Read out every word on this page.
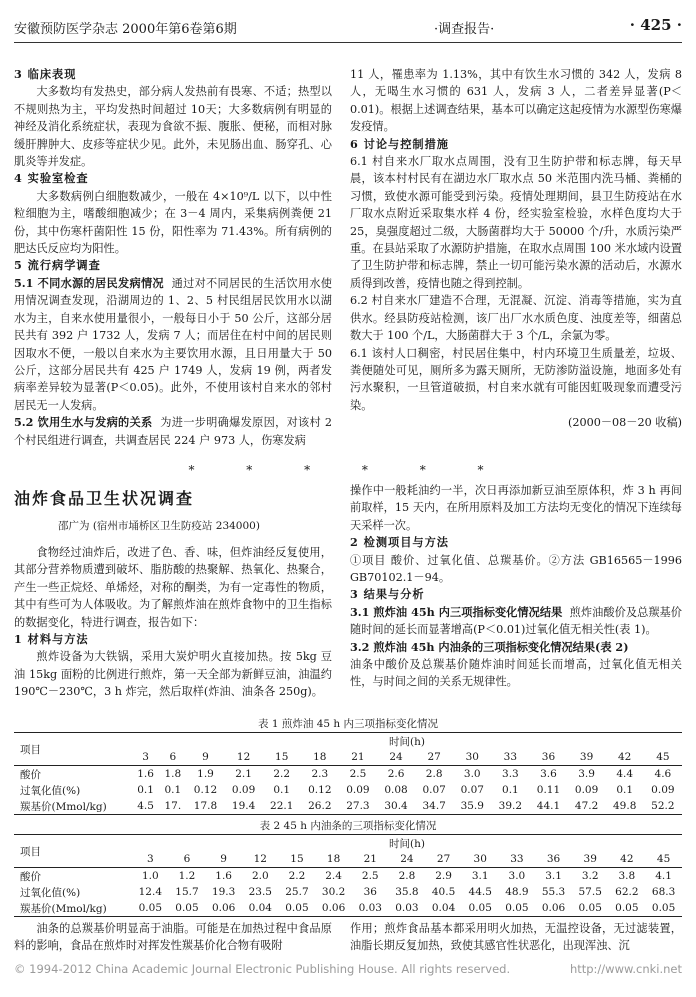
安徽预防医学杂志 2000年第6卷第6期	·调查报告·	· 425 ·

3 临床表现

大多数均有发热史，部分病人发热前有畏寒、不适；热型以不规则热为主，平均发热时间超过 10天；大多数病例有明显的神经及消化系统症状，表现为食欲不振、腹胀、便秘，而相对脉缓肝脾肿大、皮疹等症状少见。此外，未见肠出血、肠穿孔、心肌炎等并发症。

4 实验室检查

大多数病例白细胞数减少，一般在 4×10⁹/L 以下，以中性粒细胞为主，嗜酸细胞减少；在 3－4 周内，采集病例粪便 21 份，其中伤寒杆菌阳性 15 份，阳性率为 71.43%。所有病例的肥达氏反应均为阳性。

5 流行病学调查

5.1 不同水源的居民发病情况 通过对不同居民的生活饮用水使用情况调查发现，沿湖周边的 1、2、5 村民组居民饮用水以湖水为主，自来水使用量很小，一般每日小于 50 公斤，这部分居民共有 392 户 1732 人，发病 7 人；而居住在村中间的居民则因取水不便，一般以自来水为主要饮用水源，且日用量大于 50 公斤，这部分居民共有 425 户 1749 人，发病 19 例，两者发病率差异较为显著(P＜0.05)。此外，不使用该村自来水的邻村居民无一人发病。

5.2 饮用生水与发病的关系 为进一步明确爆发原因，对该村 2 个村民组进行调查，共调查居民 224 户 973 人，伤寒发病

11 人，罹患率为 1.13%，其中有饮生水习惯的 342 人，发病 8 人，无喝生水习惯的 631 人，发病 3 人，二者差异显著(P＜0.01)。根据上述调查结果，基本可以确定这起疫情为水源型伤寒爆发疫情。

6 讨论与控制措施

6.1 村自来水厂取水点周围，没有卫生防护带和标志牌，每天早晨，该本村村民有在湖边水厂取水点 50 米范围内洗马桶、粪桶的习惯，致使水源可能受到污染。疫情处理期间，县卫生防疫站在水厂取水点附近采取集水样 4 份，经实验室检验，水样色度均大于 25，臭强度超过二级，大肠菌群均大于 50000 个/升，水质污染严重。在县站采取了水源防护措施，在取水点周围 100 米水域内设置了卫生防护带和标志牌，禁止一切可能污染水源的活动后，水源水质得到改善，疫情也随之得到控制。

6.2 村自来水厂建造不合理，无混凝、沉淀、消毒等措施，实为直供水。经县防疫站检测，该厂出厂水水质色度、浊度差等，细菌总数大于 100 个/L，大肠菌群大于 3 个/L，余氯为零。

6.1 该村人口稠密，村民居住集中，村内环境卫生质量差，垃圾、粪便随处可见，厕所多为露天厕所，无防渗防溢设施，地面多处有污水聚积，一旦管道破损，村自来水就有可能因虹吸现象而遭受污染。

(2000－08－20 收稿)

* * * * * *
油炸食品卫生状况调查
邵广为 (宿州市埇桥区卫生防疫站 234000)

食物经过油炸后，改进了色、香、味，但炸油经反复使用，其部分营养物质遭到破坏、脂肪酸的热聚解、热氧化、热聚合，产生一些正烷烃、单烯烃，对称的酮类，为有一定毒性的物质，其中有些可为人体吸收。为了解煎炸油在煎炸食物中的卫生指标的数据变化，特进行调查，报告如下：

1 材料与方法

煎炸设备为大铁锅，采用大炭炉明火直接加热。按 5kg 豆油 15kg 面粉的比例进行煎炸，第一天全部为新鲜豆油，油温约 190℃－230℃，3 h 炸完，然后取样(炸油、油条各 250g)。

操作中一般耗油约一半，次日再添加新豆油至原体积，炸 3 h 再间前取样，15 天内，在所用原料及加工方法均无变化的情况下连续每天采样一次。

2 检测项目与方法

①项目 酸价、过氧化值、总羰基价。②方法 GB16565－1996 GB70102.1－94。

3 结果与分析

3.1 煎炸油 45h 内三项指标变化情况结果 煎炸油酸价及总羰基价随时间的延长而显著增高(P＜0.01)过氧化值无相关性(表 1)。

3.2 煎炸油 45h 内油条的三项指标变化情况结果(表 2)

油条中酸价及总羰基价随炸油时间延长而增高，过氧化值无相关性，与时间之间的关系无规律性。

表 1 煎炸油 45 h 内三项指标变化情况
项目	时间(h)														
	3	6	9	12	15	18	21	24	27	30	33	36	39	42	45
酸价	1.6	1.8	1.9	2.1	2.2	2.3	2.5	2.6	2.8	3.0	3.3	3.6	3.9	4.4	4.6
过氧化值(%)	0.1	0.1	0.12	0.09	0.1	0.12	0.09	0.08	0.07	0.07	0.1	0.11	0.09	0.1	0.09
羰基价(Mmol/kg)	4.5	17.	17.8	19.4	22.1	26.2	27.3	30.4	34.7	35.9	39.2	44.1	47.2	49.8	52.2
表 2 45 h 内油条的三项指标变化情况
项目	时间(h)														
	3	6	9	12	15	18	21	24	27	30	33	36	39	42	45
酸价	1.0	1.2	1.6	2.0	2.2	2.4	2.5	2.8	2.9	3.1	3.0	3.1	3.2	3.8	4.1
过氧化值(%)	12.4	15.7	19.3	23.5	25.7	30.2	36	35.8	40.5	44.5	48.9	55.3	57.5	62.2	68.3
羰基价(Mmol/kg)	0.05	0.05	0.06	0.04	0.05	0.06	0.03	0.03	0.04	0.05	0.05	0.06	0.05	0.05	0.05

油条的总羰基价明显高于油脂。可能是在加热过程中食品原料的影响，食品在煎炸时对挥发性羰基价化合物有吸附

作用；煎炸食品基本都采用明火加热，无温控设备，无过滤装置，油脂长期反复加热，致使其感官性状恶化，出现浑浊、沉

© 1994-2012 China Academic Journal Electronic Publishing House. All rights reserved.	http://www.cnki.net
